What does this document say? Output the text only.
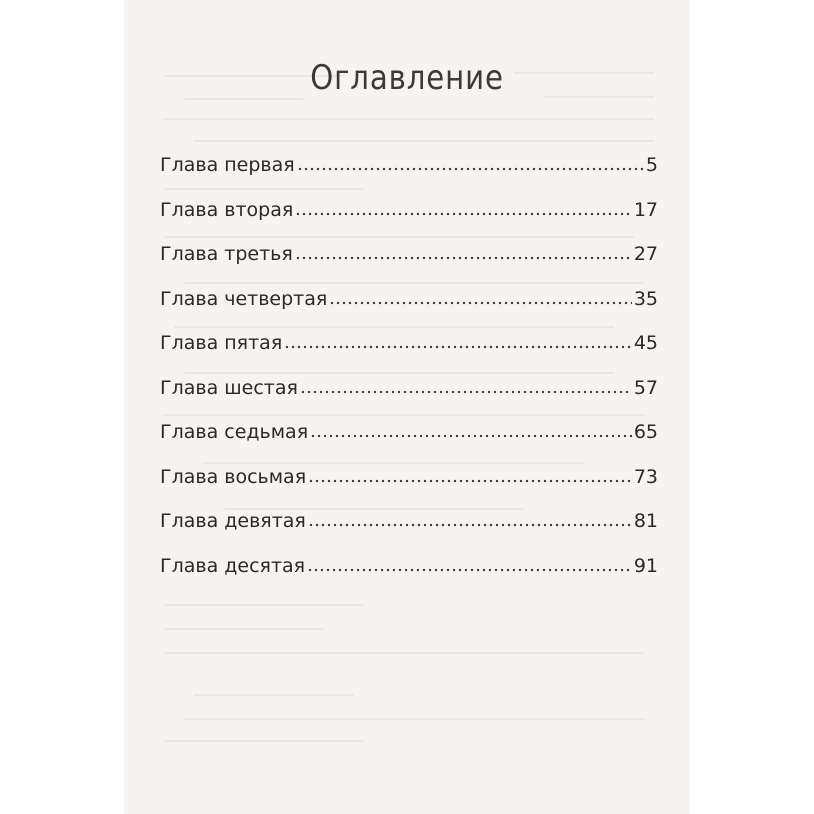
Оглавление
Глава первая	5
Глава вторая	17
Глава третья	27
Глава четвертая	35
Глава пятая	45
Глава шестая	57
Глава седьмая	65
Глава восьмая	73
Глава девятая	81
Глава десятая	91
